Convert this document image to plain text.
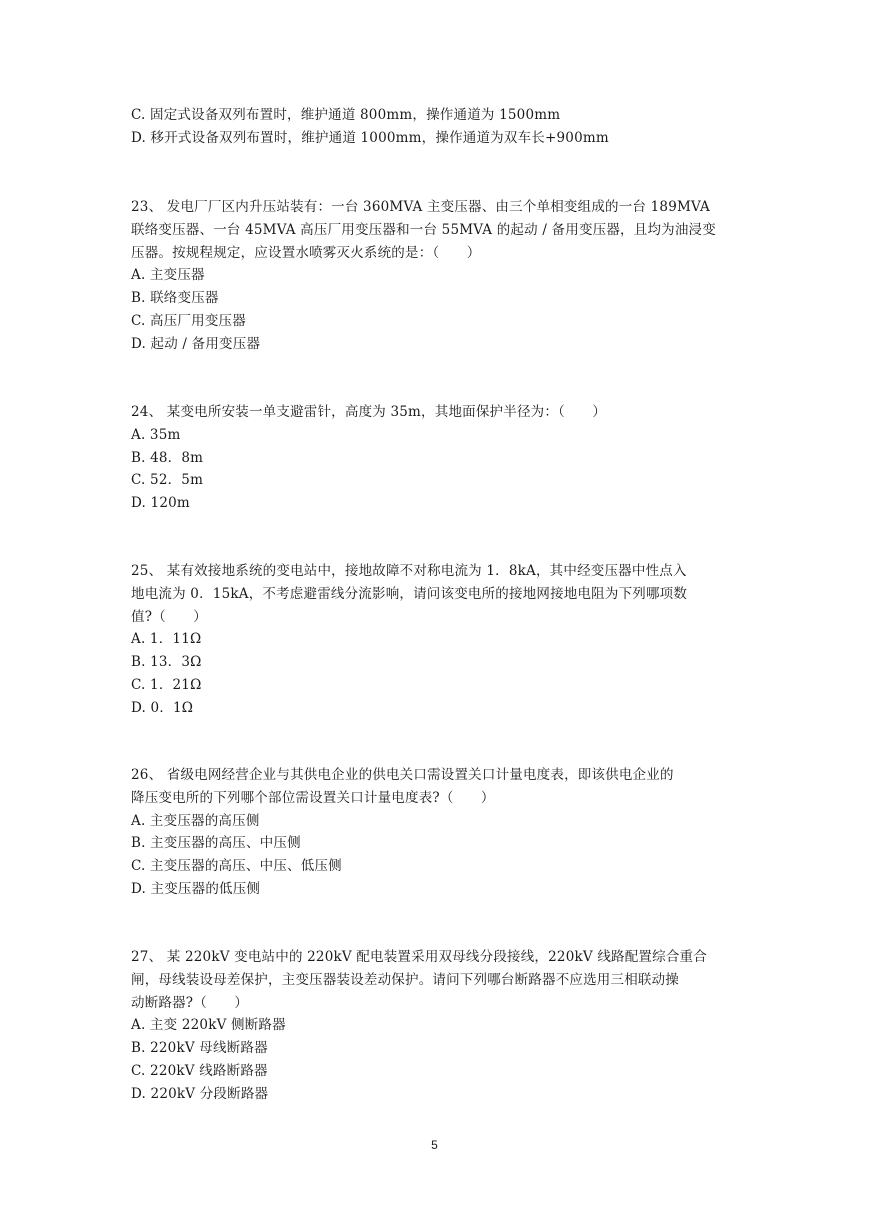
C. 固定式设备双列布置时，维护通道 800mm，操作通道为 1500mm
D. 移开式设备双列布置时，维护通道 1000mm，操作通道为双车长+900mm
23、 发电厂厂区内升压站装有：一台 360MVA 主变压器、由三个单相变组成的一台 189MVA
联络变压器、一台 45MVA 高压厂用变压器和一台 55MVA 的起动 / 备用变压器，且均为油浸变
压器。按规程规定，应设置水喷雾灭火系统的是：（　　）
A. 主变压器
B. 联络变压器
C. 高压厂用变压器
D. 起动 / 备用变压器
24、 某变电所安装一单支避雷针，高度为 35m，其地面保护半径为：（　　）
A. 35m
B. 48．8m
C. 52．5m
D. 120m
25、 某有效接地系统的变电站中，接地故障不对称电流为 1．8kA，其中经变压器中性点入
地电流为 0．15kA，不考虑避雷线分流影响，请问该变电所的接地网接地电阻为下列哪项数
值?（　　）
A. 1．11Ω
B. 13．3Ω
C. 1．21Ω
D. 0．1Ω
26、 省级电网经营企业与其供电企业的供电关口需设置关口计量电度表，即该供电企业的
降压变电所的下列哪个部位需设置关口计量电度表?（　　）
A. 主变压器的高压侧
B. 主变压器的高压、中压侧
C. 主变压器的高压、中压、低压侧
D. 主变压器的低压侧
27、 某 220kV 变电站中的 220kV 配电装置采用双母线分段接线，220kV 线路配置综合重合
闸，母线装设母差保护，主变压器装设差动保护。请问下列哪台断路器不应选用三相联动操
动断路器?（　　）
A. 主变 220kV 侧断路器
B. 220kV 母线断路器
C. 220kV 线路断路器
D. 220kV 分段断路器
5
